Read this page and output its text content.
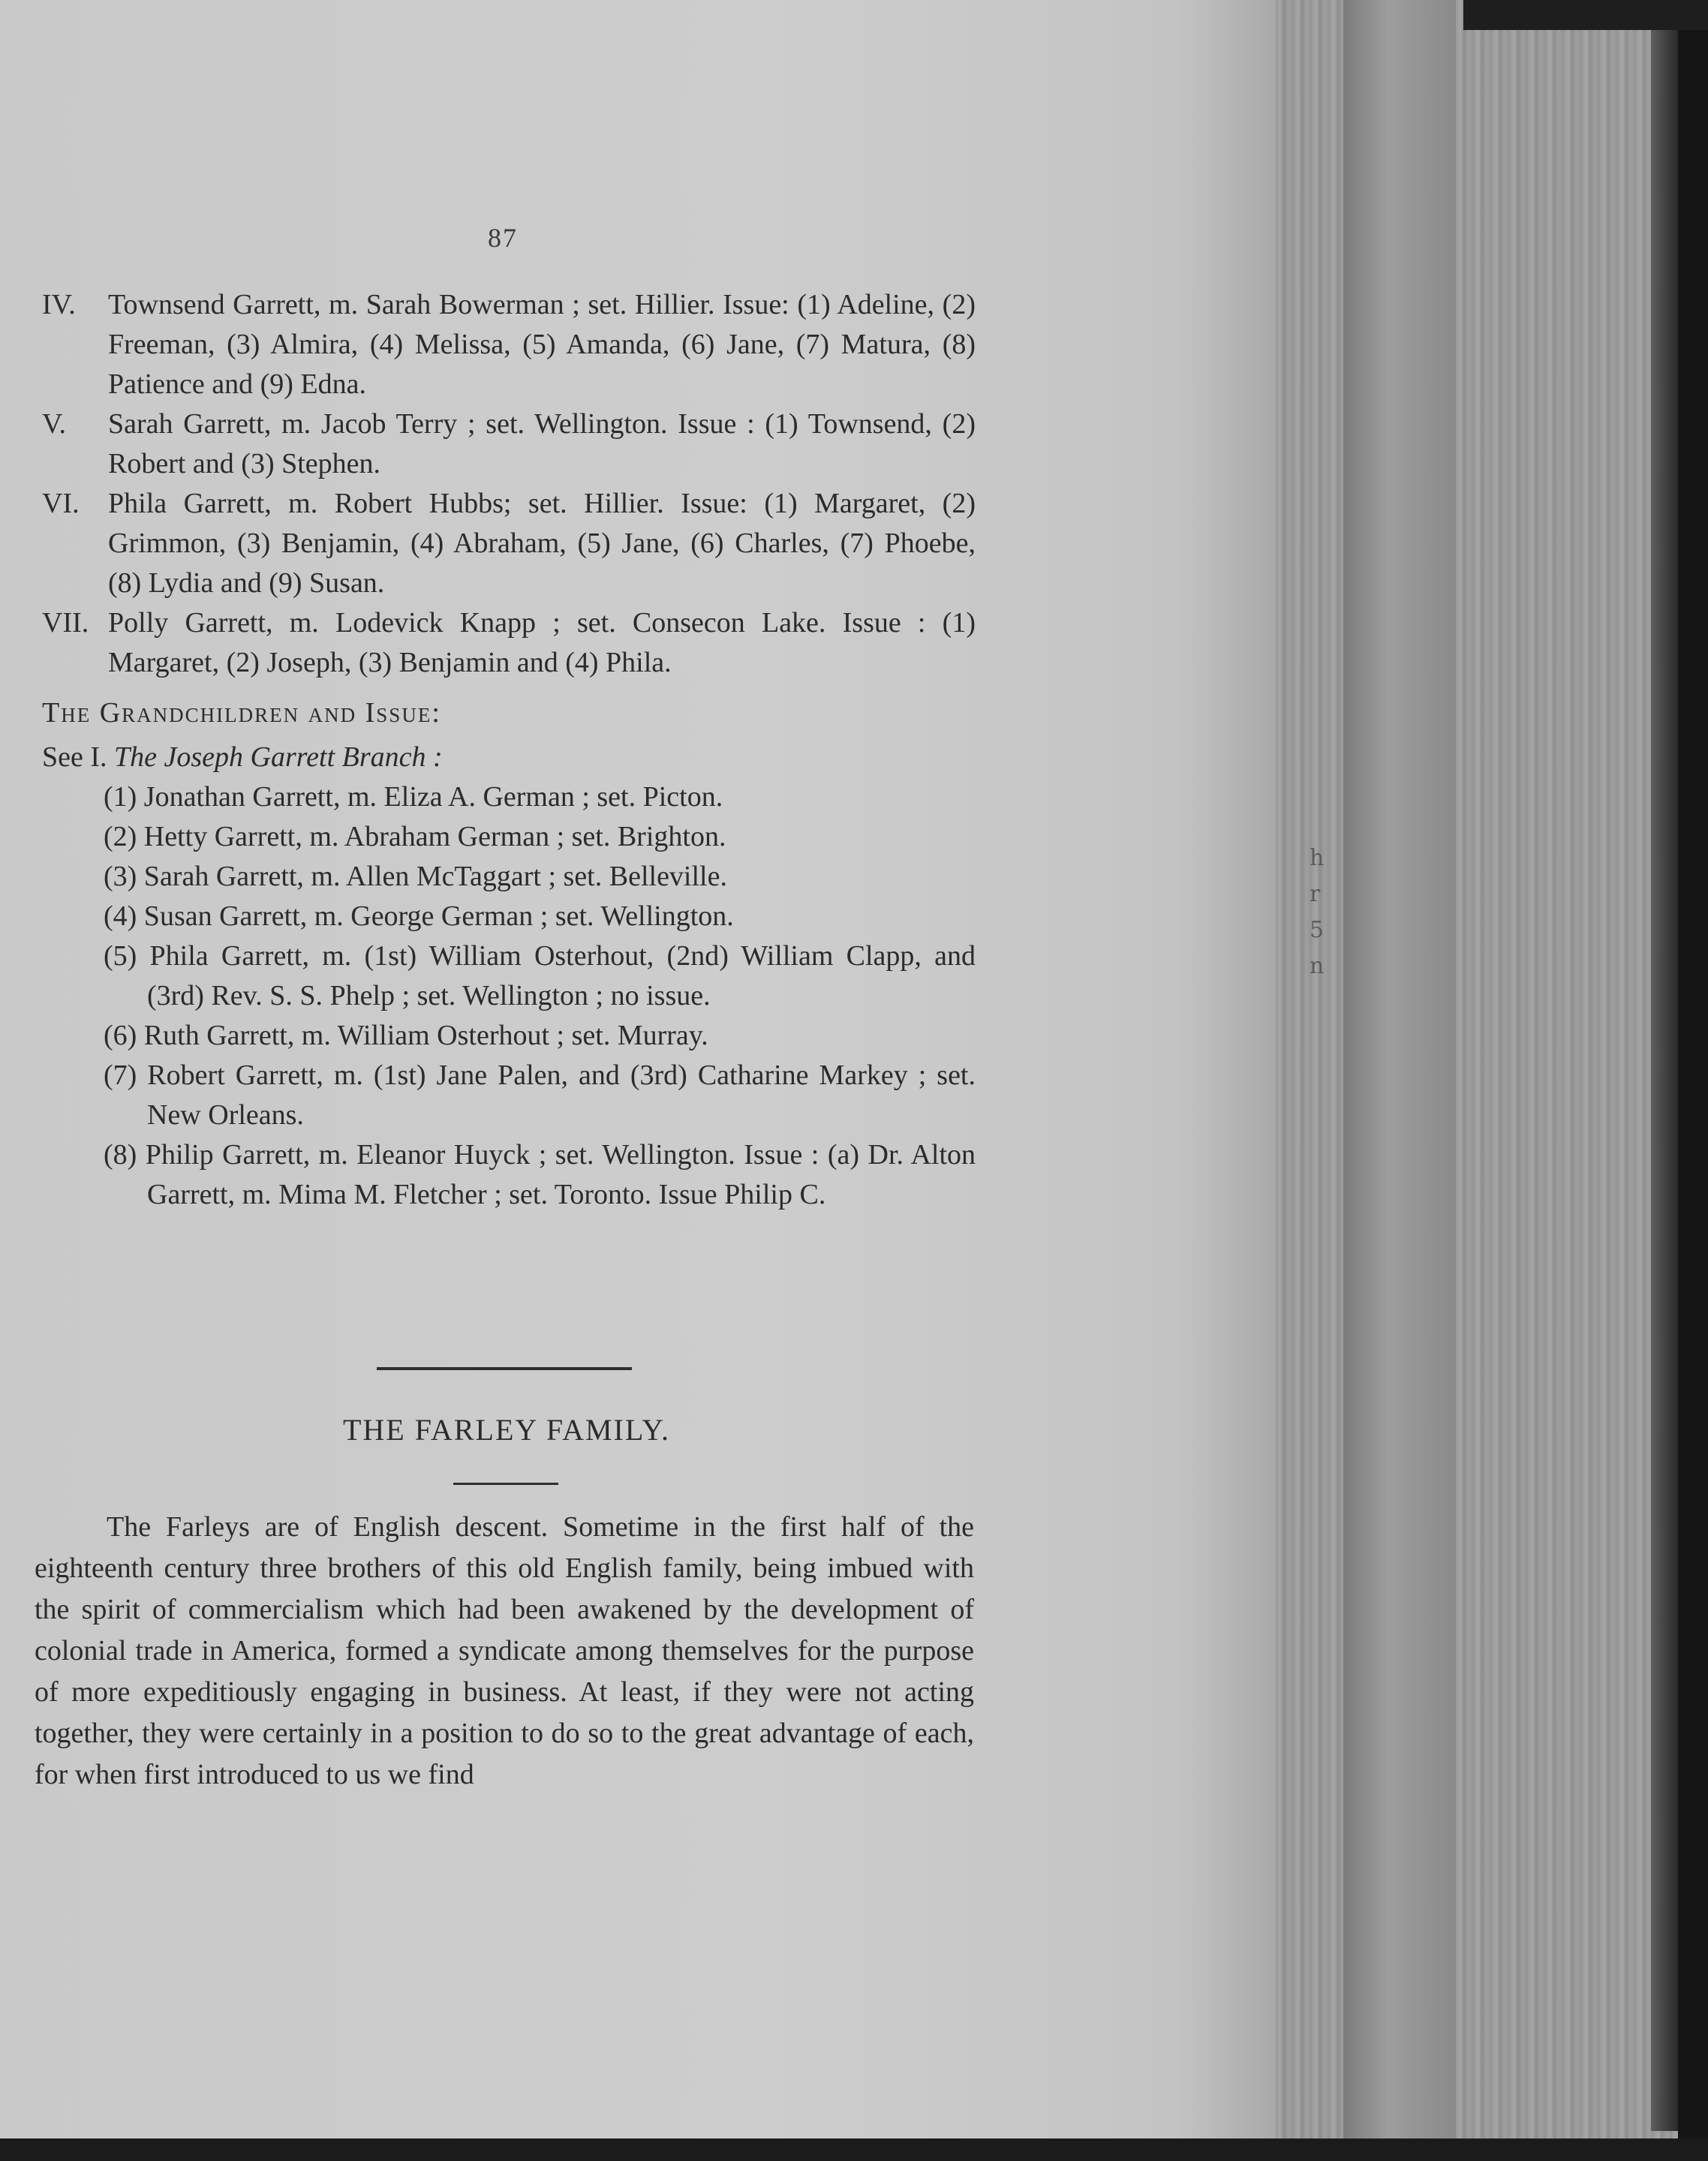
87
IV.	Townsend Garrett, m. Sarah Bowerman ; set. Hillier. Issue: (1) Adeline, (2) Freeman, (3) Almira, (4) Melissa, (5) Amanda, (6) Jane, (7) Matura, (8) Patience and (9) Edna.
V.	Sarah Garrett, m. Jacob Terry ; set. Wellington. Issue : (1) Townsend, (2) Robert and (3) Stephen.
VI.	Phila Garrett, m. Robert Hubbs; set. Hillier. Issue: (1) Margaret, (2) Grimmon, (3) Benjamin, (4) Abraham, (5) Jane, (6) Charles, (7) Phoebe, (8) Lydia and (9) Susan.
VII. Polly Garrett, m. Lodevick Knapp ; set. Consecon Lake. Issue : (1) Margaret, (2) Joseph, (3) Benjamin and (4) Phila.
The Grandchildren and Issue:
See I. The Joseph Garrett Branch :
(1) Jonathan Garrett, m. Eliza A. German ; set. Picton.
(2) Hetty Garrett, m. Abraham German ; set. Brighton.
(3) Sarah Garrett, m. Allen McTaggart ; set. Belleville.
(4) Susan Garrett, m. George German ; set. Wellington.
(5) Phila Garrett, m. (1st) William Osterhout, (2nd) William Clapp, and (3rd) Rev. S. S. Phelp ; set. Wellington ; no issue.
(6) Ruth Garrett, m. William Osterhout ; set. Murray.
(7) Robert Garrett, m. (1st) Jane Palen, and (3rd) Catharine Markey ; set. New Orleans.
(8) Philip Garrett, m. Eleanor Huyck ; set. Wellington. Issue : (a) Dr. Alton Garrett, m. Mima M. Fletcher ; set. Toronto. Issue Philip C.
THE FARLEY FAMILY.
The Farleys are of English descent. Sometime in the first half of the eighteenth century three brothers of this old English family, being imbued with the spirit of commercialism which had been awakened by the development of colonial trade in America, formed a syndicate among themselves for the purpose of more expeditiously engaging in business. At least, if they were not acting together, they were certainly in a position to do so to the great advantage of each, for when first introduced to us we find
h
r
5
n
